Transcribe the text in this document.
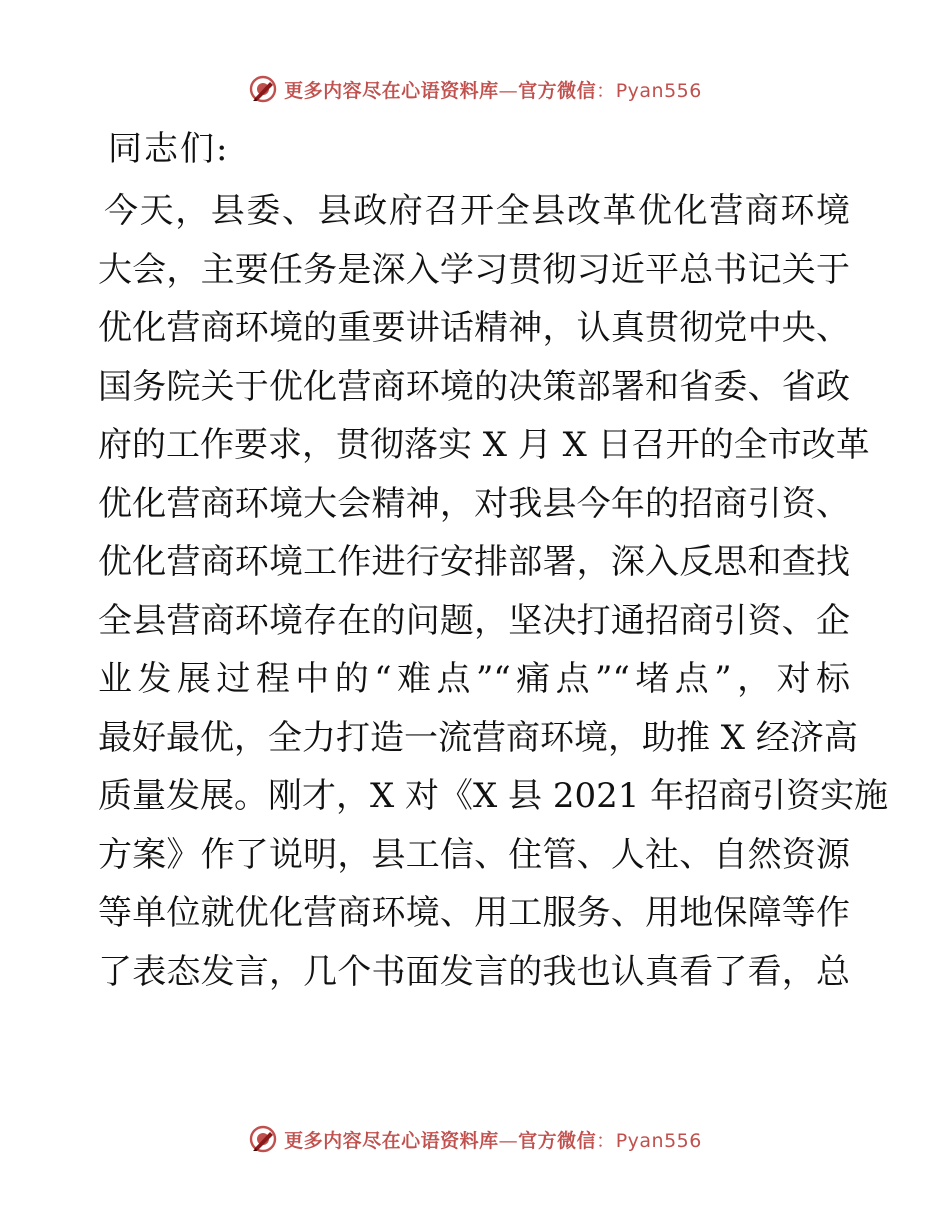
更多内容尽在心语资料库—官方微信：Pyan556
同志们:
今天，县委、县政府召开全县改革优化营商环境
大会，主要任务是深入学习贯彻习近平总书记关于
优化营商环境的重要讲话精神，认真贯彻党中央、
国务院关于优化营商环境的决策部署和省委、省政
府的工作要求，贯彻落实 X 月 X 日召开的全市改革
优化营商环境大会精神，对我县今年的招商引资、
优化营商环境工作进行安排部署，深入反思和查找
全县营商环境存在的问题，坚决打通招商引资、企
业发展过程中的“难点”“痛点”“堵点”，对标
最好最优，全力打造一流营商环境，助推 X 经济高
质量发展。刚才，X 对《X 县 2021 年招商引资实施
方案》作了说明，县工信、住管、人社、自然资源
等单位就优化营商环境、用工服务、用地保障等作
了表态发言，几个书面发言的我也认真看了看，总
更多内容尽在心语资料库—官方微信：Pyan556
